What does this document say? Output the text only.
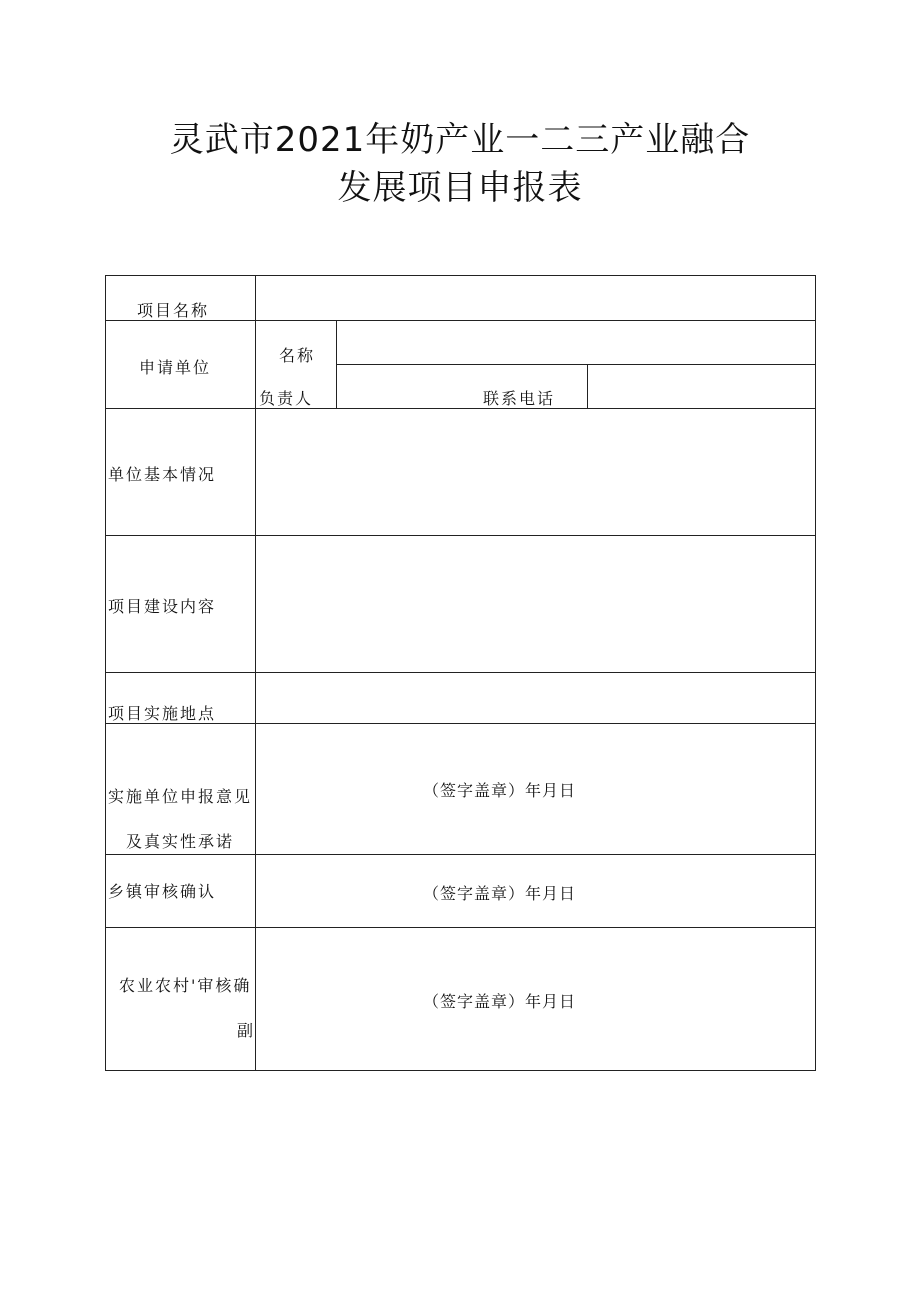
灵武市2021年奶产业一二三产业融合
发展项目申报表
项目名称
申请单位
名称
负责人	联系电话
单位基本情况
项目建设内容
项目实施地点
实施单位申报意见
及真实性承诺
乡镇审核确认
农业农村'审核确
副
（签字盖章）年月日
（签字盖章）年月日
（签字盖章）年月日
